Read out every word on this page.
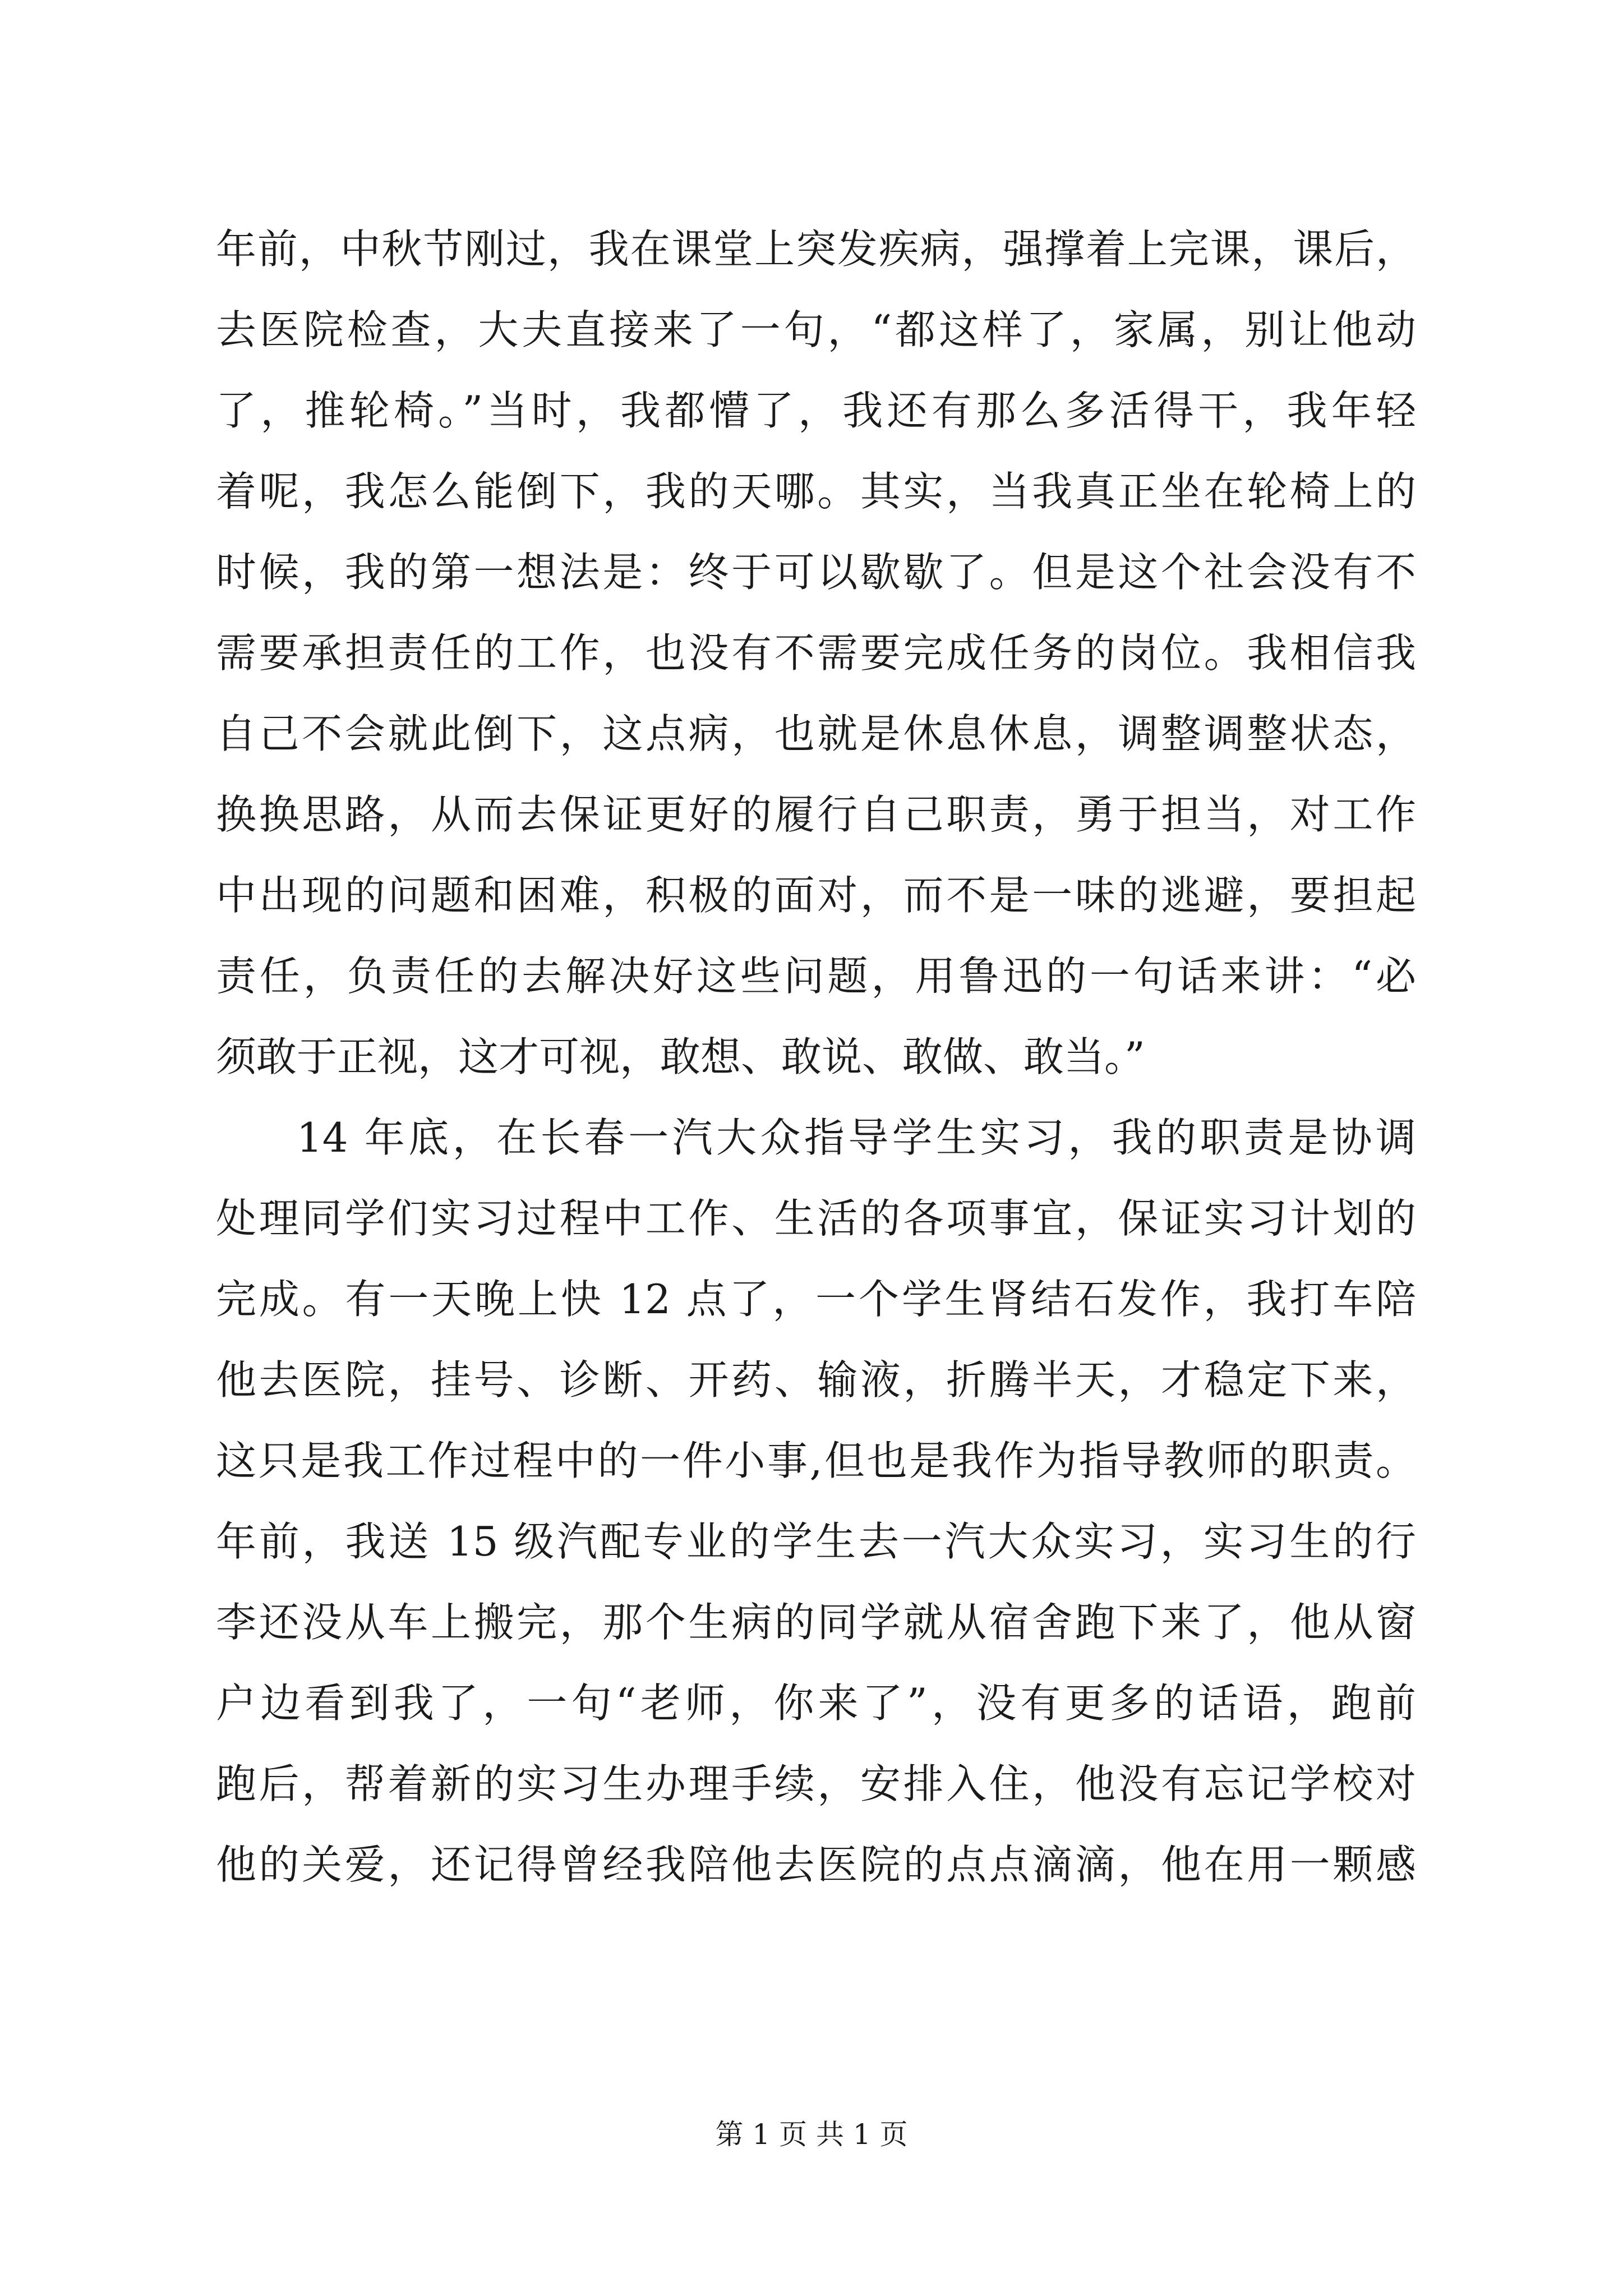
年前，中秋节刚过，我在课堂上突发疾病，强撑着上完课，课后，
去医院检查，大夫直接来了一句，“都这样了，家属，别让他动
了，推轮椅。”当时，我都懵了，我还有那么多活得干，我年轻
着呢，我怎么能倒下，我的天哪。其实，当我真正坐在轮椅上的
时候，我的第一想法是：终于可以歇歇了。但是这个社会没有不
需要承担责任的工作，也没有不需要完成任务的岗位。我相信我
自己不会就此倒下，这点病，也就是休息休息，调整调整状态，
换换思路，从而去保证更好的履行自己职责，勇于担当，对工作
中出现的问题和困难，积极的面对，而不是一味的逃避，要担起
责任，负责任的去解决好这些问题，用鲁迅的一句话来讲：“必
须敢于正视，这才可视，敢想、敢说、敢做、敢当。”
14 年底，在长春一汽大众指导学生实习，我的职责是协调
处理同学们实习过程中工作、生活的各项事宜，保证实习计划的
完成。有一天晚上快 12 点了，一个学生肾结石发作，我打车陪
他去医院，挂号、诊断、开药、输液，折腾半天，才稳定下来，
这只是我工作过程中的一件小事,但也是我作为指导教师的职责。
年前，我送 15 级汽配专业的学生去一汽大众实习，实习生的行
李还没从车上搬完，那个生病的同学就从宿舍跑下来了，他从窗
户边看到我了，一句“老师，你来了”，没有更多的话语，跑前
跑后，帮着新的实习生办理手续，安排入住，他没有忘记学校对
他的关爱，还记得曾经我陪他去医院的点点滴滴，他在用一颗感
第 1 页 共 1 页
